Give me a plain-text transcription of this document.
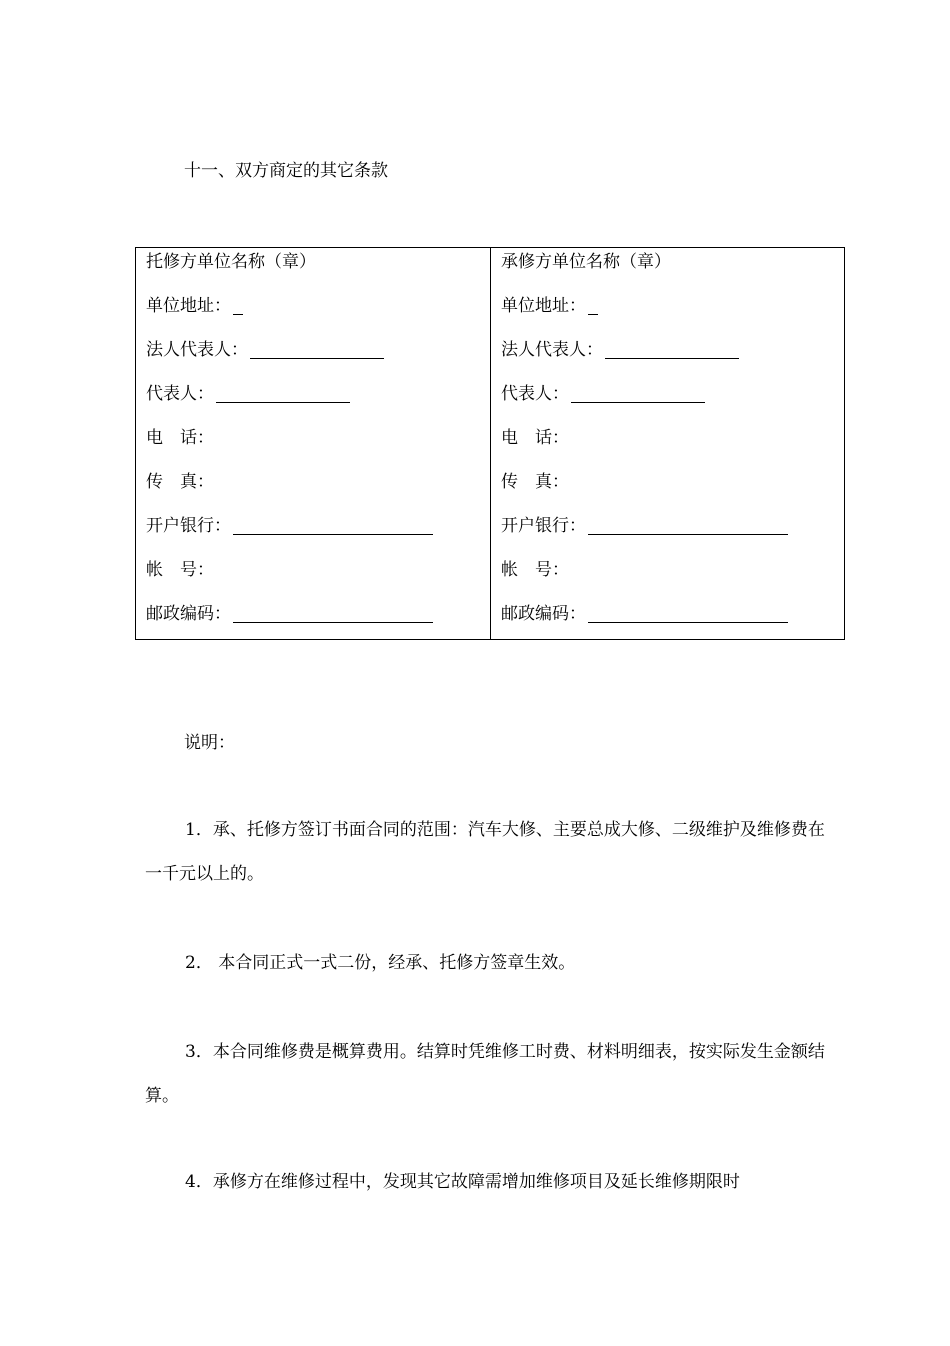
十一、双方商定的其它条款
托修方单位名称（章）
单位地址：
法人代表人：
代表人：
电　话：
传　真：
开户银行：
帐　号：
邮政编码：
承修方单位名称（章）
单位地址：
法人代表人：
代表人：
电　话：
传　真：
开户银行：
帐　号：
邮政编码：
说明：
1．承、托修方签订书面合同的范围：汽车大修、主要总成大修、二级维护及维修费在一千元以上的。
2． 本合同正式一式二份，经承、托修方签章生效。
3．本合同维修费是概算费用。结算时凭维修工时费、材料明细表，按实际发生金额结算。
4．承修方在维修过程中，发现其它故障需增加维修项目及延长维修期限时
